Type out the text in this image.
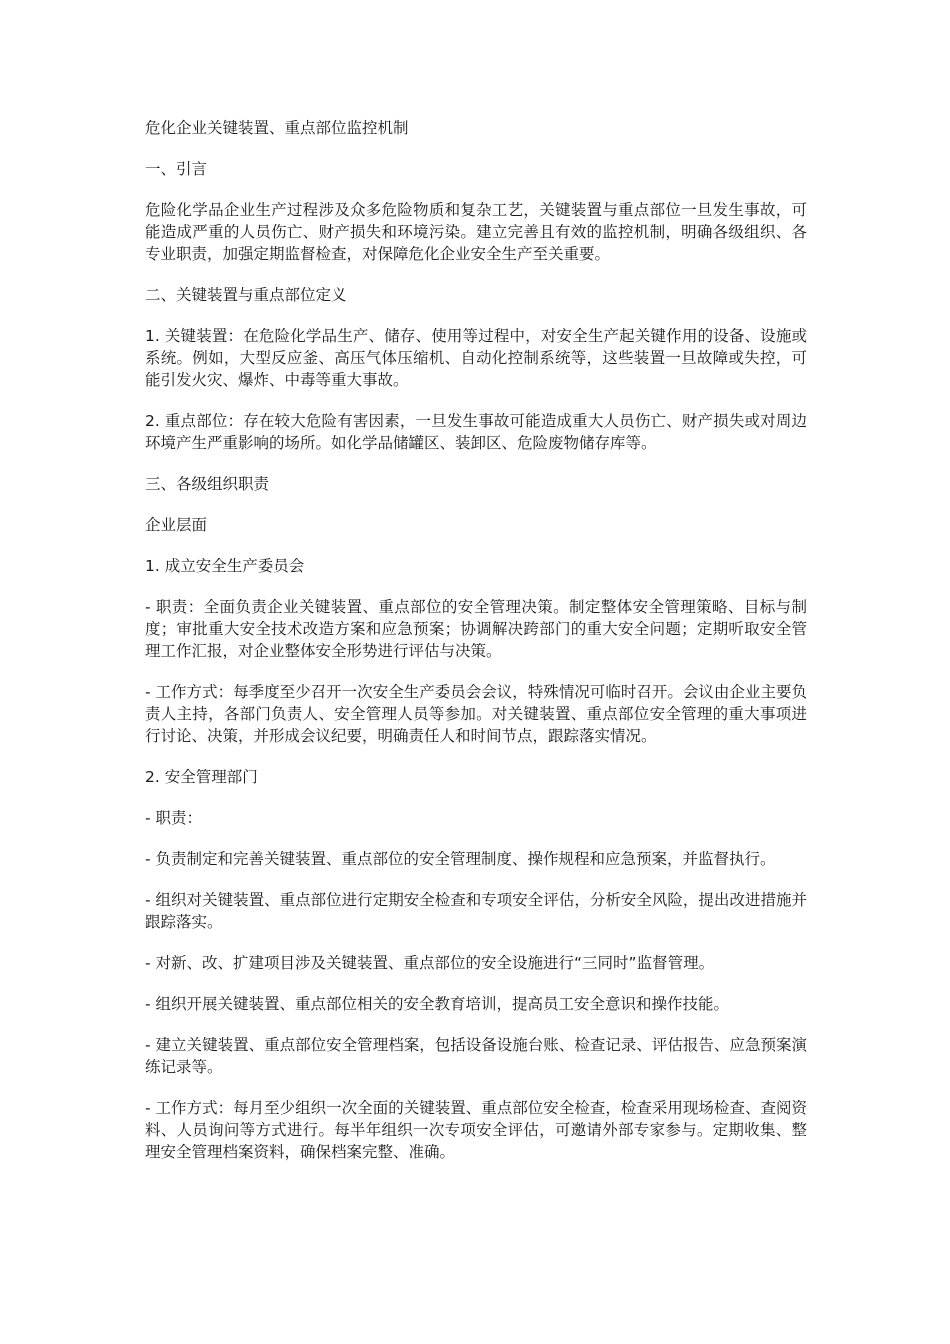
危化企业关键装置、重点部位监控机制

一、引言

危险化学品企业生产过程涉及众多危险物质和复杂工艺，关键装置与重点部位一旦发生事故，可能造成严重的人员伤亡、财产损失和环境污染。建立完善且有效的监控机制，明确各级组织、各专业职责，加强定期监督检查，对保障危化企业安全生产至关重要。

二、关键装置与重点部位定义

1. 关键装置：在危险化学品生产、储存、使用等过程中，对安全生产起关键作用的设备、设施或系统。例如，大型反应釜、高压气体压缩机、自动化控制系统等，这些装置一旦故障或失控，可能引发火灾、爆炸、中毒等重大事故。

2. 重点部位：存在较大危险有害因素，一旦发生事故可能造成重大人员伤亡、财产损失或对周边环境产生严重影响的场所。如化学品储罐区、装卸区、危险废物储存库等。

三、各级组织职责

企业层面

1. 成立安全生产委员会

- 职责：全面负责企业关键装置、重点部位的安全管理决策。制定整体安全管理策略、目标与制度；审批重大安全技术改造方案和应急预案；协调解决跨部门的重大安全问题；定期听取安全管理工作汇报，对企业整体安全形势进行评估与决策。

- 工作方式：每季度至少召开一次安全生产委员会会议，特殊情况可临时召开。会议由企业主要负责人主持，各部门负责人、安全管理人员等参加。对关键装置、重点部位安全管理的重大事项进行讨论、决策，并形成会议纪要，明确责任人和时间节点，跟踪落实情况。

2. 安全管理部门

- 职责：

- 负责制定和完善关键装置、重点部位的安全管理制度、操作规程和应急预案，并监督执行。

- 组织对关键装置、重点部位进行定期安全检查和专项安全评估，分析安全风险，提出改进措施并跟踪落实。

- 对新、改、扩建项目涉及关键装置、重点部位的安全设施进行“三同时”监督管理。

- 组织开展关键装置、重点部位相关的安全教育培训，提高员工安全意识和操作技能。

- 建立关键装置、重点部位安全管理档案，包括设备设施台账、检查记录、评估报告、应急预案演练记录等。

- 工作方式：每月至少组织一次全面的关键装置、重点部位安全检查，检查采用现场检查、查阅资料、人员询问等方式进行。每半年组织一次专项安全评估，可邀请外部专家参与。定期收集、整理安全管理档案资料，确保档案完整、准确。
